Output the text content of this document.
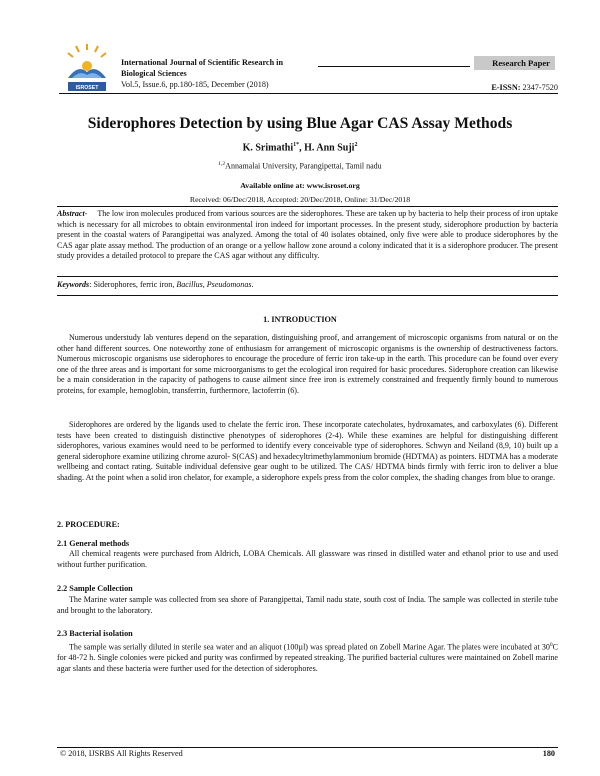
ISROSET
International Journal of Scientific Research in
Biological Sciences
Vol.5, Issue.6, pp.180-185, December (2018)
Research Paper
E-ISSN: 2347-7520
Siderophores Detection by using Blue Agar CAS Assay Methods
K. Srimathi$^{1*}$, H. Ann Suji$^2$
$^{1,2}$Annamalai University, Parangipettai, Tamil nadu
Available online at: www.isroset.org
Received: 06/Dec/2018, Accepted: 20/Dec/2018, Online: 31/Dec/2018

Abstract- The low iron molecules produced from various sources are the siderophores. These are taken up by bacteria to help their process of iron uptake which is necessary for all microbes to obtain environmental iron indeed for important processes. In the present study, siderophore production by bacteria present in the coastal waters of Parangipettai was analyzed. Among the total of 40 isolates obtained, only five were able to produce siderophores by the CAS agar plate assay method. The production of an orange or a yellow hallow zone around a colony indicated that it is a siderophore producer. The present study provides a detailed protocol to prepare the CAS agar without any difficulty.

Keywords: Siderophores, ferric iron, Bacillus, Pseudomonas.

1. INTRODUCTION

Numerous understudy lab ventures depend on the separation, distinguishing proof, and arrangement of microscopic organisms from natural or on the other hand different sources. One noteworthy zone of enthusiasm for arrangement of microscopic organisms is the ownership of destructiveness factors. Numerous microscopic organisms use siderophores to encourage the procedure of ferric iron take-up in the earth. This procedure can be found over every one of the three areas and is important for some microorganisms to get the ecological iron required for basic procedures. Siderophore creation can likewise be a main consideration in the capacity of pathogens to cause ailment since free iron is extremely constrained and frequently firmly bound to numerous proteins, for example, hemoglobin, transferrin, furthermore, lactoferrin (6).

Siderophores are ordered by the ligands used to chelate the ferric iron. These incorporate catecholates, hydroxamates, and carboxylates (6). Different tests have been created to distinguish distinctive phenotypes of siderophores (2-4). While these examines are helpful for distinguishing different siderophores, various examines would need to be performed to identify every conceivable type of siderophores. Schwyn and Neiland (8,9, 10) built up a general siderophore examine utilizing chrome azurol- S(CAS) and hexadecyltrimethylammonium bromide (HDTMA) as pointers. HDTMA has a moderate wellbeing and contact rating. Suitable individual defensive gear ought to be utilized. The CAS/ HDTMA binds firmly with ferric iron to deliver a blue shading. At the point when a solid iron chelator, for example, a siderophore expels press from the color complex, the shading changes from blue to orange.

2. PROCEDURE:
2.1 General methods

All chemical reagents were purchased from Aldrich, LOBA Chemicals. All glassware was rinsed in distilled water and ethanol prior to use and used without further purification.

2.2 Sample Collection

The Marine water sample was collected from sea shore of Parangipettai, Tamil nadu state, south cost of India. The sample was collected in sterile tube and brought to the laboratory.

2.3 Bacterial isolation

The sample was serially diluted in sterile sea water and an aliquot (100µl) was spread plated on Zobell Marine Agar. The plates were incubated at $30^0C$ for 48-72 h. Single colonies were picked and purity was confirmed by repeated streaking. The purified bacterial cultures were maintained on Zobell marine agar slants and these bacteria were further used for the detection of siderophores.

© 2018, IJSRBS All Rights Reserved	180
